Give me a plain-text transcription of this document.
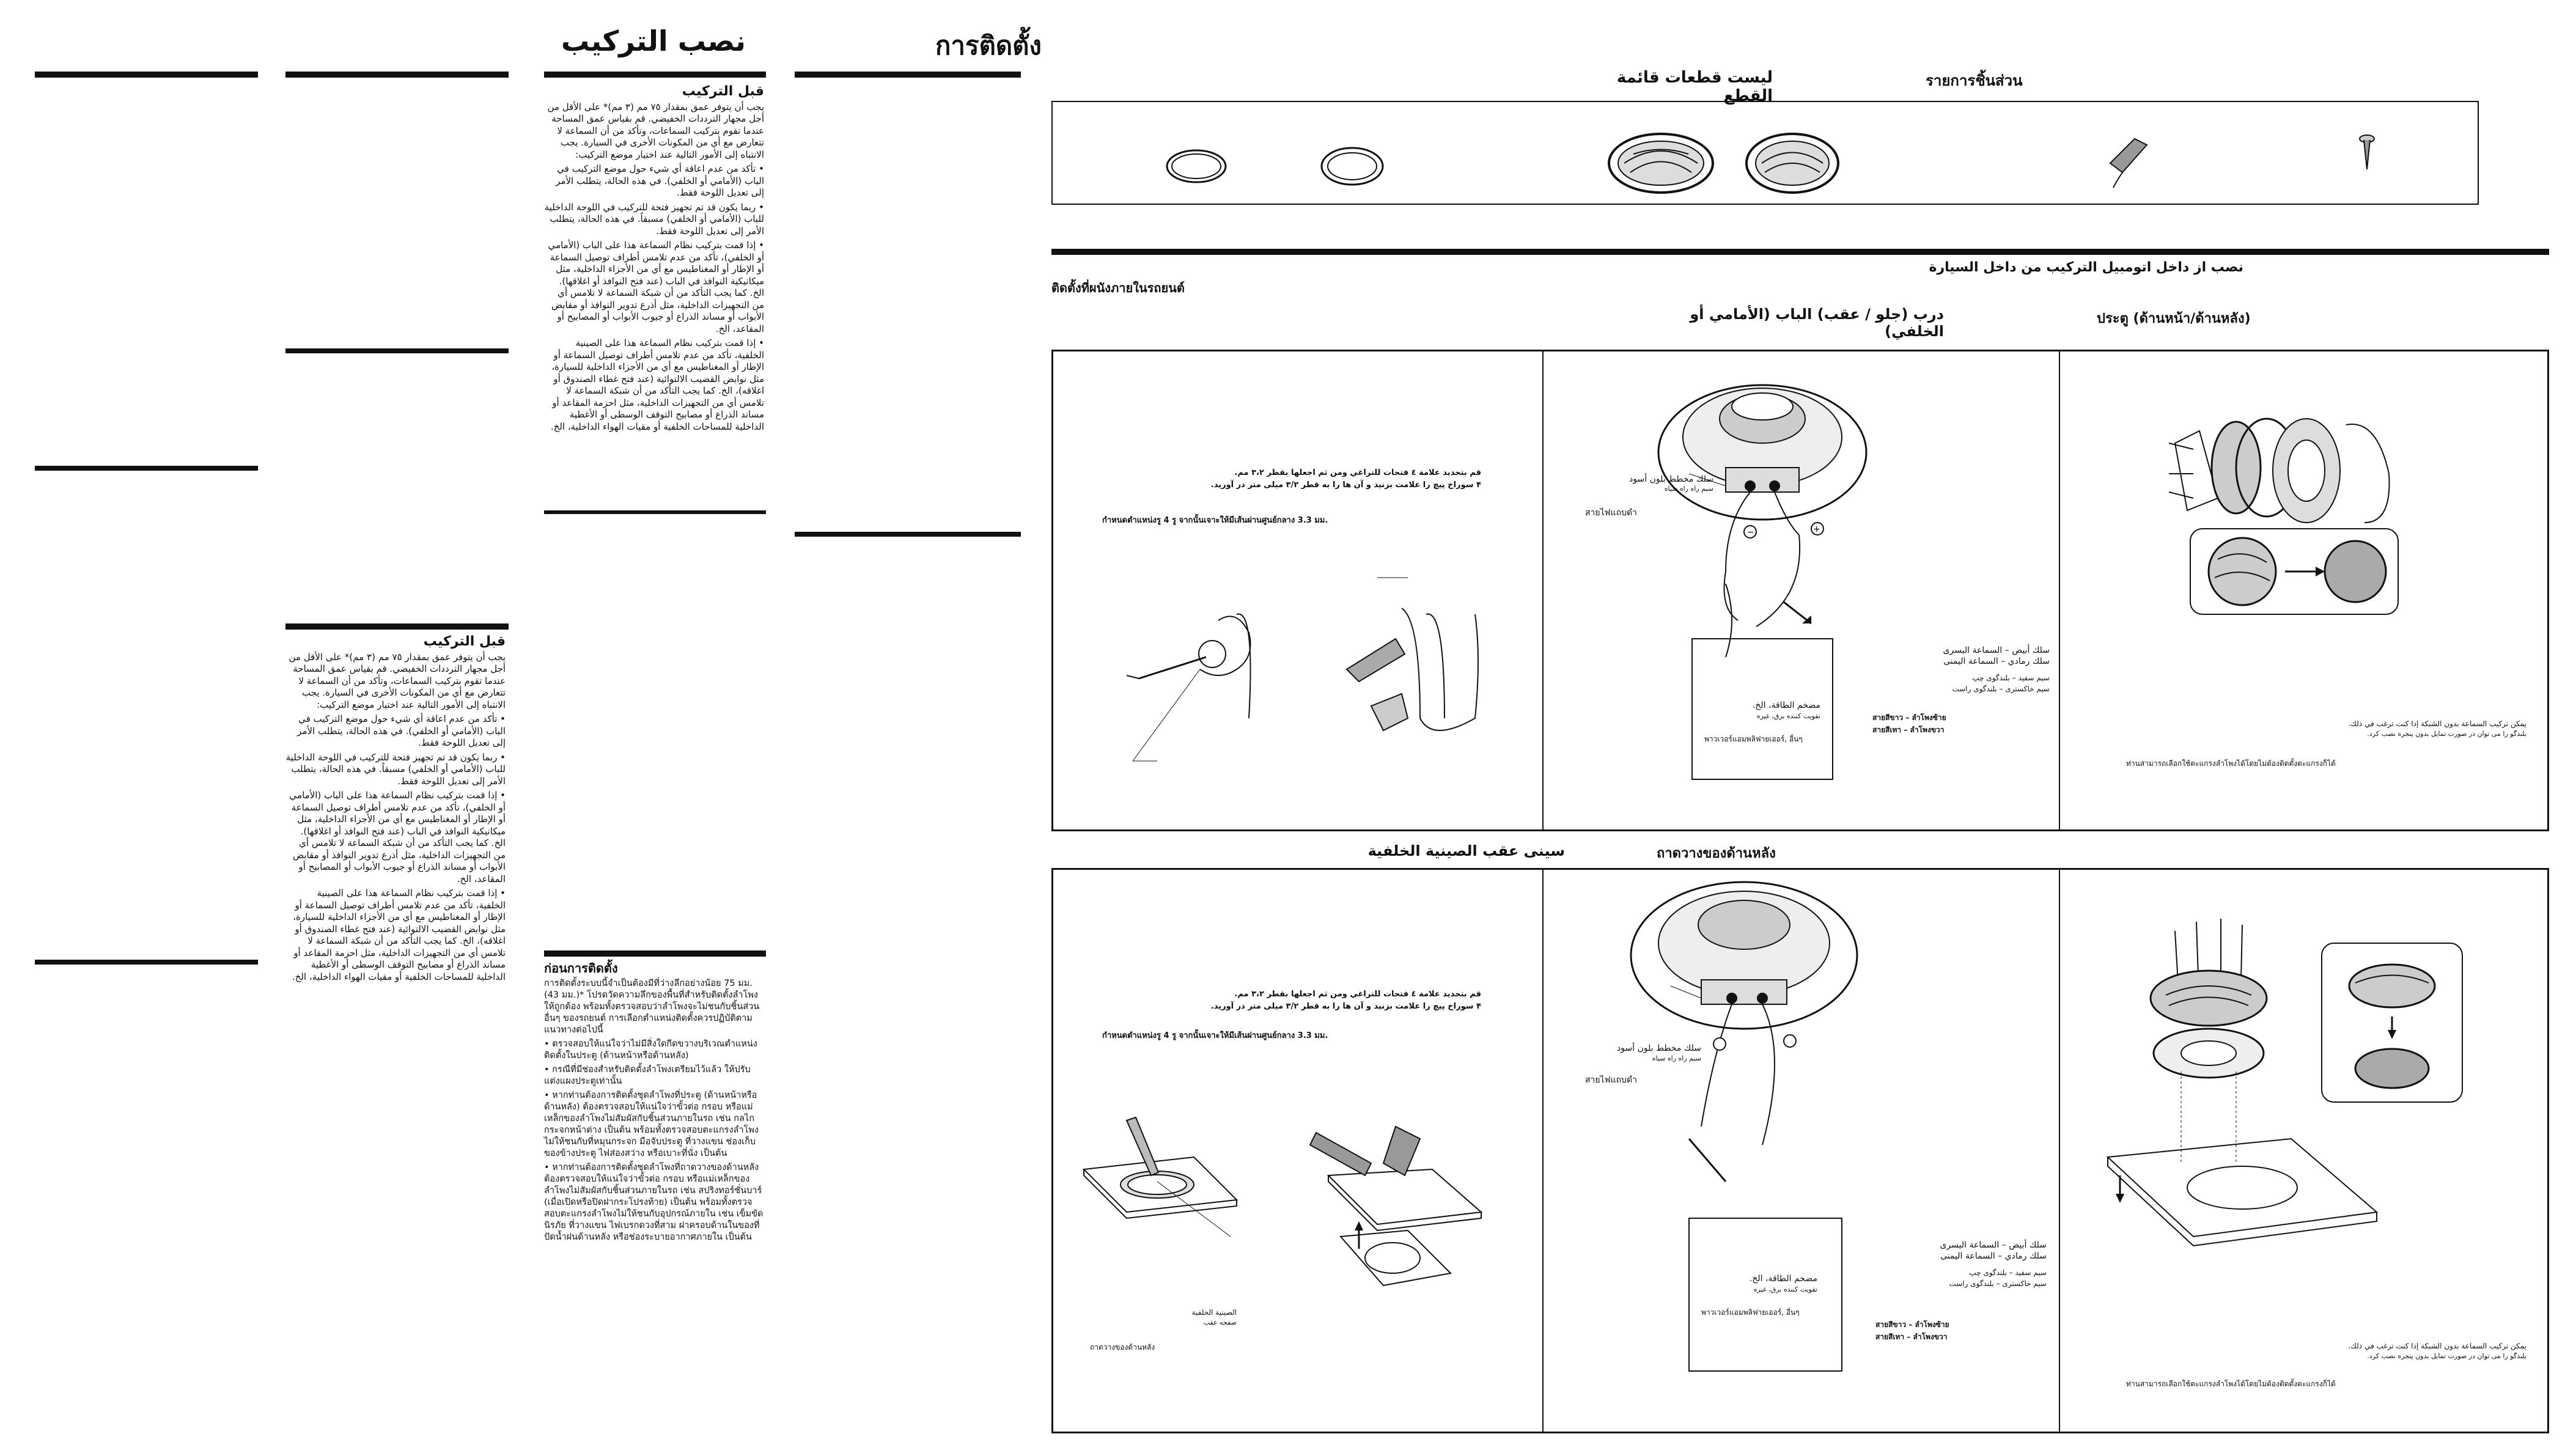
نصب التركيب	การติดตั้ง
قبل التركيب

يجب أن يتوفر عمق بمقدار ٧٥ مم (٣ مم)* على الأقل من أجل مجهار الترددات الخفيضي. قم بقياس عمق المساحة عندما تقوم بتركيب السماعات، وتأكد من أن السماعة لا تتعارض مع أي من المكونات الأخرى في السيارة. يجب الانتباه إلى الأمور التالية عند اختيار موضع التركيب:

• تأكد من عدم اعاقة أي شيء حول موضع التركيب في الباب (الأمامي أو الخلفي). في هذه الحالة، يتطلب الأمر إلى تعديل اللوحة فقط.

• ربما يكون قد تم تجهيز فتحة للتركيب في اللوحة الداخلية للباب (الأمامي أو الخلفي) مسبقاً. في هذه الحالة، يتطلب الأمر إلى تعديل اللوحة فقط.

• إذا قمت بتركيب نظام السماعة هذا على الباب (الأمامي أو الخلفي)، تأكد من عدم تلامس أطراف توصيل السماعة أو الإطار أو المغناطيس مع أي من الأجزاء الداخلية، مثل ميكانيكية النوافذ في الباب (عند فتح النوافذ أو اغلاقها). الخ. كما يجب التأكد من أن شبكة السماعة لا تلامس أي من التجهيزات الداخلية، مثل أذرع تدوير النوافذ أو مقابض الأبواب أو مساند الذراع أو جيوب الأبواب أو المصابيح أو المقاعد، الخ.

• إذا قمت بتركيب نظام السماعة هذا على الصينية الخلفية، تأكد من عدم تلامس أطراف توصيل السماعة أو الإطار أو المغناطيس مع أي من الأجزاء الداخلية للسيارة، مثل نوابض القضيب الالتوائية (عند فتح غطاء الصندوق أو اغلاقه)، الخ. كما يجب التأكد من أن شبكة السماعة لا تلامس أي من التجهيزات الداخلية، مثل احزمة المقاعد أو مساند الذراع أو مصابيح التوقف الوسطى أو الأغطية الداخلية للمساحات الخلفية أو مقيات الهواء الداخلية، الخ.

قبل التركيب

يجب أن يتوفر عمق بمقدار ٧٥ مم (٣ مم)* على الأقل من أجل مجهار الترددات الخفيضي. قم بقياس عمق المساحة عندما تقوم بتركيب السماعات، وتأكد من أن السماعة لا تتعارض مع أي من المكونات الأخرى في السيارة. يجب الانتباه إلى الأمور التالية عند اختيار موضع التركيب:

• تأكد من عدم اعاقة أي شيء حول موضع التركيب في الباب (الأمامي أو الخلفي). في هذه الحالة، يتطلب الأمر إلى تعديل اللوحة فقط.

• ربما يكون قد تم تجهيز فتحة للتركيب في اللوحة الداخلية للباب (الأمامي أو الخلفي) مسبقاً. في هذه الحالة، يتطلب الأمر إلى تعديل اللوحة فقط.

• إذا قمت بتركيب نظام السماعة هذا على الباب (الأمامي أو الخلفي)، تأكد من عدم تلامس أطراف توصيل السماعة أو الإطار أو المغناطيس مع أي من الأجزاء الداخلية، مثل ميكانيكية النوافذ في الباب (عند فتح النوافذ أو اغلاقها). الخ. كما يجب التأكد من أن شبكة السماعة لا تلامس أي من التجهيزات الداخلية، مثل أذرع تدوير النوافذ أو مقابض الأبواب أو مساند الذراع أو جيوب الأبواب أو المصابيح أو المقاعد، الخ.

• إذا قمت بتركيب نظام السماعة هذا على الصينية الخلفية، تأكد من عدم تلامس أطراف توصيل السماعة أو الإطار أو المغناطيس مع أي من الأجزاء الداخلية للسيارة، مثل نوابض القضيب الالتوائية (عند فتح غطاء الصندوق أو اغلاقه)، الخ. كما يجب التأكد من أن شبكة السماعة لا تلامس أي من التجهيزات الداخلية، مثل احزمة المقاعد أو مساند الذراع أو مصابيح التوقف الوسطى أو الأغطية الداخلية للمساحات الخلفية أو مقيات الهواء الداخلية، الخ.

ก่อนการติดตั้ง

การติดตั้งระบบนี้จำเป็นต้องมีที่ว่างลึกอย่างน้อย 75 มม. (43 มม.)* โปรดวัดความลึกของพื้นที่สำหรับติดตั้งลำโพงให้ถูกต้อง พร้อมทั้งตรวจสอบว่าลำโพงจะไม่ชนกับชิ้นส่วนอื่นๆ ของรถยนต์ การเลือกตำแหน่งติดตั้งควรปฏิบัติตามแนวทางต่อไปนี้

• ตรวจสอบให้แน่ใจว่าไม่มีสิ่งใดกีดขวางบริเวณตำแหน่งติดตั้งในประตู (ด้านหน้าหรือด้านหลัง)

• กรณีที่มีช่องสำหรับติดตั้งลำโพงเตรียมไว้แล้ว ให้ปรับแต่งแผงประตูเท่านั้น

• หากท่านต้องการติดตั้งชุดลำโพงที่ประตู (ด้านหน้าหรือด้านหลัง) ต้องตรวจสอบให้แน่ใจว่าขั้วต่อ กรอบ หรือแม่เหล็กของลำโพงไม่สัมผัสกับชิ้นส่วนภายในรถ เช่น กลไกกระจกหน้าต่าง เป็นต้น พร้อมทั้งตรวจสอบตะแกรงลำโพงไม่ให้ชนกับที่หมุนกระจก มือจับประตู ที่วางแขน ช่องเก็บของข้างประตู ไฟส่องสว่าง หรือเบาะที่นั่ง เป็นต้น

• หากท่านต้องการติดตั้งชุดลำโพงที่ถาดวางของด้านหลัง ต้องตรวจสอบให้แน่ใจว่าขั้วต่อ กรอบ หรือแม่เหล็กของลำโพงไม่สัมผัสกับชิ้นส่วนภายในรถ เช่น สปริงทอร์ชั่นบาร์ (เมื่อเปิดหรือปิดฝากระโปรงท้าย) เป็นต้น พร้อมทั้งตรวจสอบตะแกรงลำโพงไม่ให้ชนกับอุปกรณ์ภายใน เช่น เข็มขัดนิรภัย ที่วางแขน ไฟเบรกดวงที่สาม ฝาครอบด้านในของที่ปัดน้ำฝนด้านหลัง หรือช่องระบายอากาศภายใน เป็นต้น

لیست قطعات قائمة القطع
รายการชิ้นส่วน
نصب از داخل اتومبیل التركيب من داخل السيارة
ติดตั้งที่ผนังภายในรถยนต์
درب (جلو / عقب) الباب (الأمامي أو الخلفي)
ประตู (ด้านหน้า/ด้านหลัง)
قم بتحديد علامة ٤ فتحات للتراغي ومن ثم اجعلها بقطر ٣،٢ مم.
۴ سوراخ پیچ را علامت بزنید و آن ها را به قطر ۳/۲ میلی متر در آورید.
กำหนดตำแหน่งรู 4 รู จากนั้นเจาะให้มีเส้นผ่านศูนย์กลาง 3.3 มม.
−	+
سلك مخطط بلون أسود
سیم راه راه سیاه
สายไฟแถบดำ
مضخم الطاقة، الخ.
تقویت کننده برق، غیره
พาวเวอร์แอมพลิฟายเออร์, อื่นๆ
سلك أبيض – السماعة اليسرى
سلك رمادي – السماعة اليمنى
سیم سفید – بلندگوی چپ
سیم خاکستری – بلندگوی راست
สายสีขาว – ลำโพงซ้าย
สายสีเทา – ลำโพงขวา
يمكن تركيب السماعة بدون الشبكة إذا كنت ترغب في ذلك.
بلندگو را می توان در صورت تمایل بدون پنجره نصب کرد.
ท่านสามารถเลือกใช้ตะแกรงลำโพงได้โดยไม่ต้องติดตั้งตะแกรงก็ได้
سینی عقب الصينية الخلفية	ถาดวางของด้านหลัง
قم بتحديد علامة ٤ فتحات للتراغي ومن ثم اجعلها بقطر ٣،٢ مم.
۴ سوراخ پیچ را علامت بزنید و آن ها را به قطر ۳/۲ میلی متر در آورید.
กำหนดตำแหน่งรู 4 รู จากนั้นเจาะให้มีเส้นผ่านศูนย์กลาง 3.3 มม.
الصينية الخلفية
صفحه عقب
ถาดวางของด้านหลัง
سلك مخطط بلون أسود
سیم راه راه سیاه
สายไฟแถบดำ
مضخم الطاقة، الخ.
تقویت کننده برق، غیره
พาวเวอร์แอมพลิฟายเออร์, อื่นๆ
سلك أبيض – السماعة اليسرى
سلك رمادي – السماعة اليمنى
سیم سفید – بلندگوی چپ
سیم خاکستری – بلندگوی راست
สายสีขาว – ลำโพงซ้าย
สายสีเทา – ลำโพงขวา
يمكن تركيب السماعة بدون الشبكة إذا كنت ترغب في ذلك.
بلندگو را می توان در صورت تمایل بدون پنجره نصب کرد.
ท่านสามารถเลือกใช้ตะแกรงลำโพงได้โดยไม่ต้องติดตั้งตะแกรงก็ได้
